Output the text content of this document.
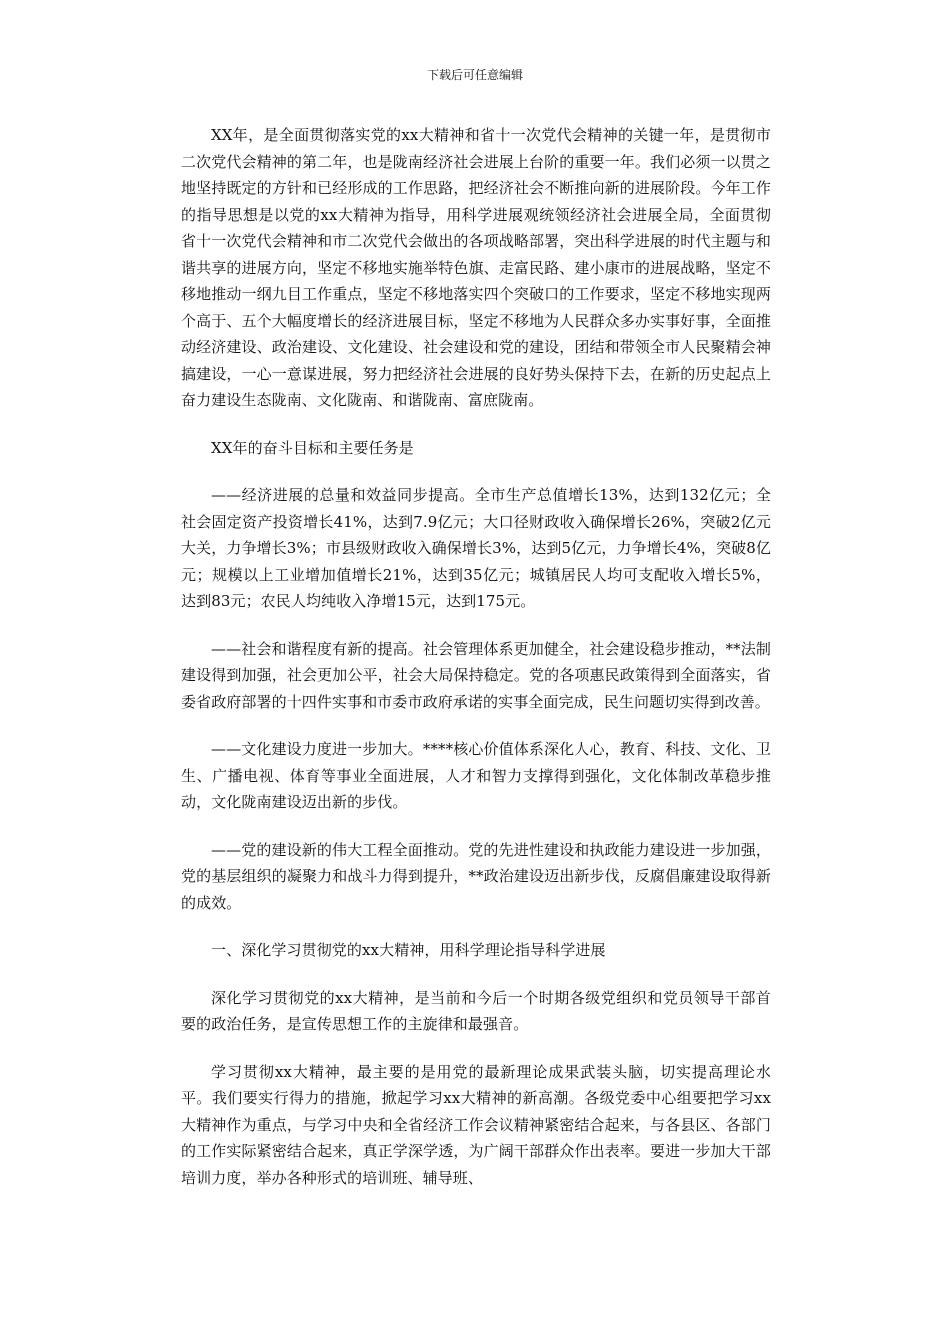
下载后可任意编辑

XX年，是全面贯彻落实党的xx大精神和省十一次党代会精神的关键一年，是贯彻市二次党代会精神的第二年，也是陇南经济社会进展上台阶的重要一年。我们必须一以贯之地坚持既定的方针和已经形成的工作思路，把经济社会不断推向新的进展阶段。今年工作的指导思想是以党的xx大精神为指导，用科学进展观统领经济社会进展全局，全面贯彻省十一次党代会精神和市二次党代会做出的各项战略部署，突出科学进展的时代主题与和谐共享的进展方向，坚定不移地实施举特色旗、走富民路、建小康市的进展战略，坚定不移地推动一纲九目工作重点，坚定不移地落实四个突破口的工作要求，坚定不移地实现两个高于、五个大幅度增长的经济进展目标，坚定不移地为人民群众多办实事好事，全面推动经济建设、政治建设、文化建设、社会建设和党的建设，团结和带领全市人民聚精会神搞建设，一心一意谋进展，努力把经济社会进展的良好势头保持下去，在新的历史起点上奋力建设生态陇南、文化陇南、和谐陇南、富庶陇南。

XX年的奋斗目标和主要任务是

——经济进展的总量和效益同步提高。全市生产总值增长13%，达到132亿元；全社会固定资产投资增长41%，达到7.9亿元；大口径财政收入确保增长26%，突破2亿元大关，力争增长3%；市县级财政收入确保增长3%，达到5亿元，力争增长4%，突破8亿元；规模以上工业增加值增长21%，达到35亿元；城镇居民人均可支配收入增长5%，达到83元；农民人均纯收入净增15元，达到175元。

——社会和谐程度有新的提高。社会管理体系更加健全，社会建设稳步推动，**法制建设得到加强，社会更加公平，社会大局保持稳定。党的各项惠民政策得到全面落实，省委省政府部署的十四件实事和市委市政府承诺的实事全面完成，民生问题切实得到改善。

——文化建设力度进一步加大。****核心价值体系深化人心，教育、科技、文化、卫生、广播电视、体育等事业全面进展，人才和智力支撑得到强化，文化体制改革稳步推动，文化陇南建设迈出新的步伐。

——党的建设新的伟大工程全面推动。党的先进性建设和执政能力建设进一步加强，党的基层组织的凝聚力和战斗力得到提升，**政治建设迈出新步伐，反腐倡廉建设取得新的成效。

一、深化学习贯彻党的xx大精神，用科学理论指导科学进展

深化学习贯彻党的xx大精神，是当前和今后一个时期各级党组织和党员领导干部首要的政治任务，是宣传思想工作的主旋律和最强音。

学习贯彻xx大精神，最主要的是用党的最新理论成果武装头脑，切实提高理论水平。我们要实行得力的措施，掀起学习xx大精神的新高潮。各级党委中心组要把学习xx大精神作为重点，与学习中央和全省经济工作会议精神紧密结合起来，与各县区、各部门的工作实际紧密结合起来，真正学深学透，为广阔干部群众作出表率。要进一步加大干部培训力度，举办各种形式的培训班、辅导班、
